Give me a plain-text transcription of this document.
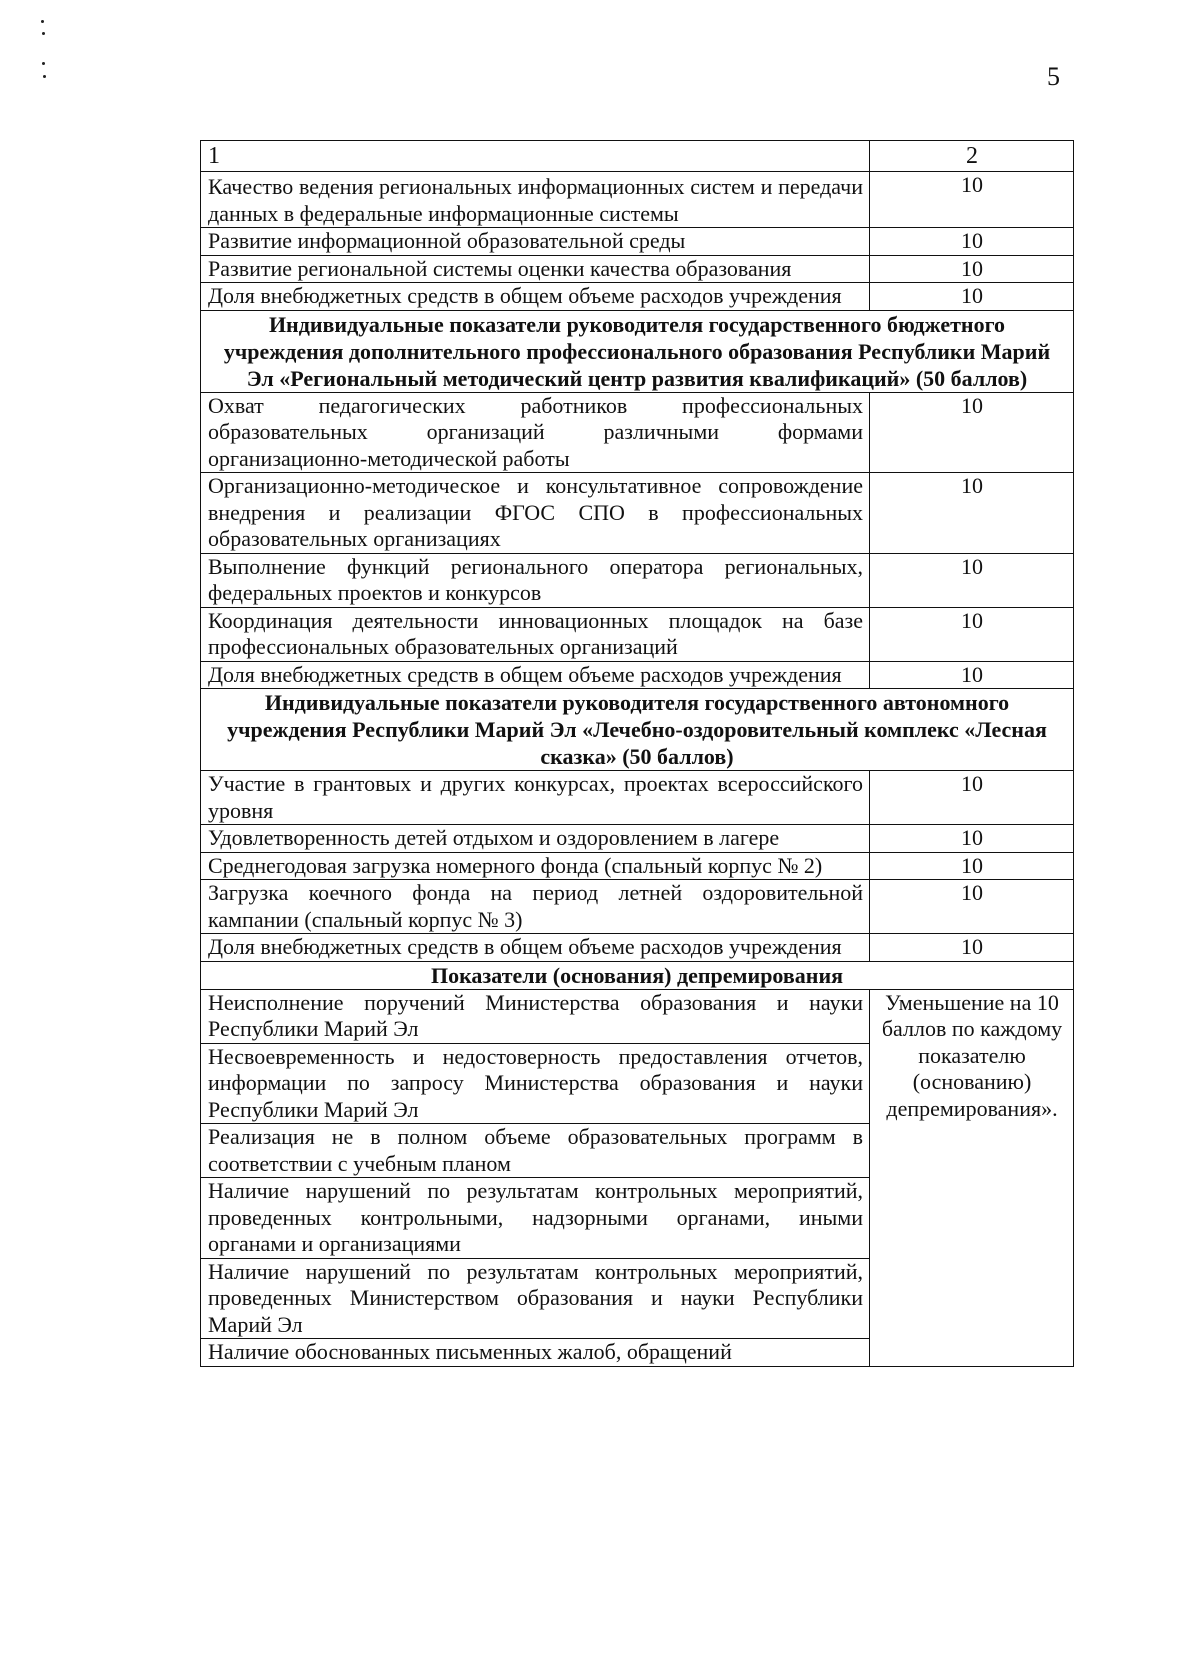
5
1	2
Качество ведения региональных информационных систем и передачи данных в федеральные информационные системы	10
Развитие информационной образовательной среды	10
Развитие региональной системы оценки качества образования	10
Доля внебюджетных средств в общем объеме расходов учреждения	10
Индивидуальные показатели руководителя государственного бюджетного учреждения дополнительного профессионального образования Республики Марий Эл «Региональный методический центр развития квалификаций» (50 баллов)	
Охват педагогических работников профессиональных образовательных организаций различными формами организационно-методической работы	10
Организационно-методическое и консультативное сопровождение внедрения и реализации ФГОС СПО в профессиональных образовательных организациях	10
Выполнение функций регионального оператора региональных, федеральных проектов и конкурсов	10
Координация деятельности инновационных площадок на базе профессиональных образовательных организаций	10
Доля внебюджетных средств в общем объеме расходов учреждения	10
Индивидуальные показатели руководителя государственного автономного учреждения Республики Марий Эл «Лечебно-оздоровительный комплекс «Лесная сказка» (50 баллов)	
Участие в грантовых и других конкурсах, проектах всероссийского уровня	10
Удовлетворенность детей отдыхом и оздоровлением в лагере	10
Среднегодовая загрузка номерного фонда (спальный корпус № 2)	10
Загрузка коечного фонда на период летней оздоровительной кампании (спальный корпус № 3)	10
Доля внебюджетных средств в общем объеме расходов учреждения	10
Показатели (основания) депремирования	
Неисполнение поручений Министерства образования и науки Республики Марий Эл	Уменьшение на 10 баллов по каждому показателю (основанию) депремирования».
Несвоевременность и недостоверность предоставления отчетов, информации по запросу Министерства образования и науки Республики Марий Эл	
Реализация не в полном объеме образовательных программ в соответствии с учебным планом	
Наличие нарушений по результатам контрольных мероприятий, проведенных контрольными, надзорными органами, иными органами и организациями	
Наличие нарушений по результатам контрольных мероприятий, проведенных Министерством образования и науки Республики Марий Эл	
Наличие обоснованных письменных жалоб, обращений	
